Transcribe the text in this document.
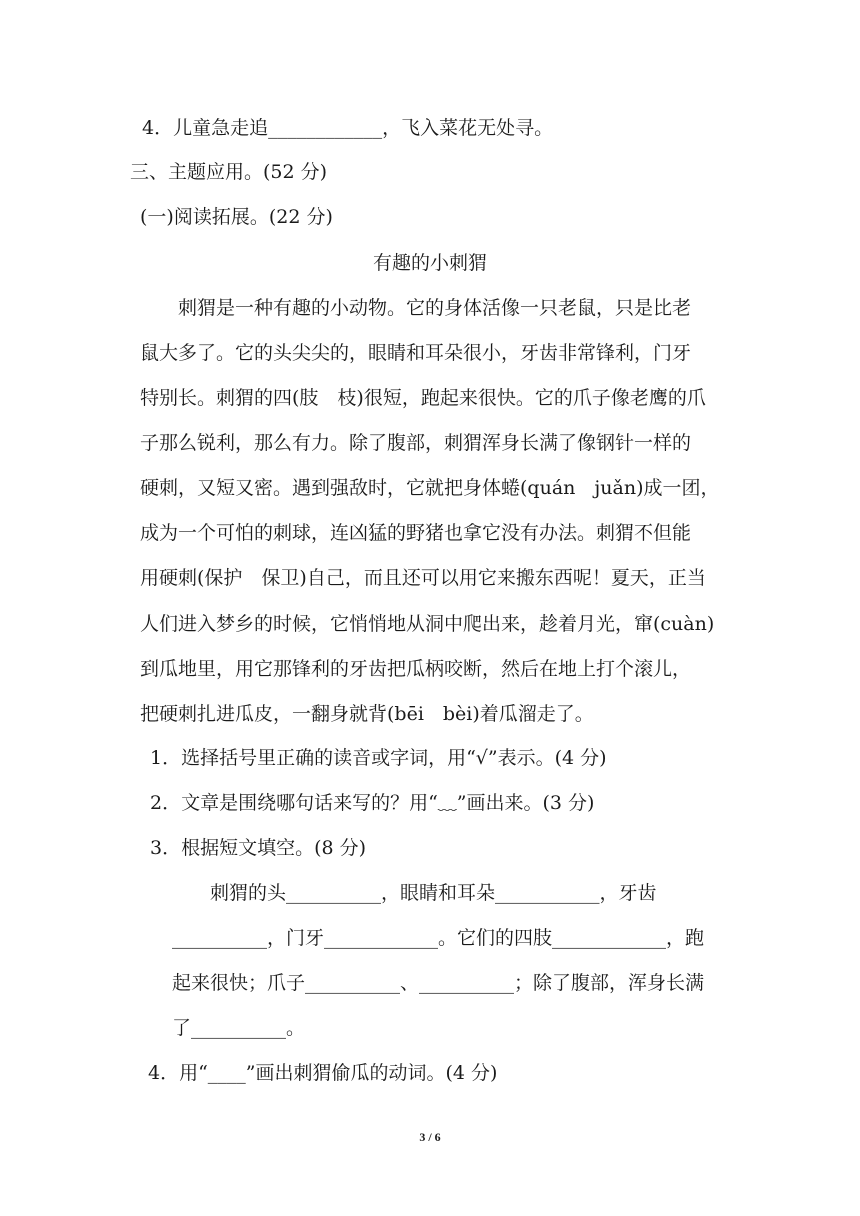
4．儿童急走追____________，飞入菜花无处寻。
三、主题应用。(52 分)
(一)阅读拓展。(22 分)
有趣的小刺猬
　　刺猬是一种有趣的小动物。它的身体活像一只老鼠，只是比老
鼠大多了。它的头尖尖的，眼睛和耳朵很小，牙齿非常锋利，门牙
特别长。刺猬的四(肢　枝)很短，跑起来很快。它的爪子像老鹰的爪
子那么锐利，那么有力。除了腹部，刺猬浑身长满了像钢针一样的
硬刺，又短又密。遇到强敌时，它就把身体蜷(quán　juǎn)成一团，
成为一个可怕的刺球，连凶猛的野猪也拿它没有办法。刺猬不但能
用硬刺(保护　保卫)自己，而且还可以用它来搬东西呢！夏天，正当
人们进入梦乡的时候，它悄悄地从洞中爬出来，趁着月光，窜(cuàn)
到瓜地里，用它那锋利的牙齿把瓜柄咬断，然后在地上打个滚儿，
把硬刺扎进瓜皮，一翻身就背(bēi　bèi)着瓜溜走了。
1．选择括号里正确的读音或字词，用“√”表示。(4 分)
2．文章是围绕哪句话来写的？用“﹏”画出来。(3 分)
3．根据短文填空。(8 分)
　　刺猬的头__________，眼睛和耳朵___________，牙齿
__________，门牙____________。它们的四肢____________，跑
起来很快；爪子__________、__________；除了腹部，浑身长满
了__________。
4．用“____”画出刺猬偷瓜的动词。(4 分)
3 / 6
